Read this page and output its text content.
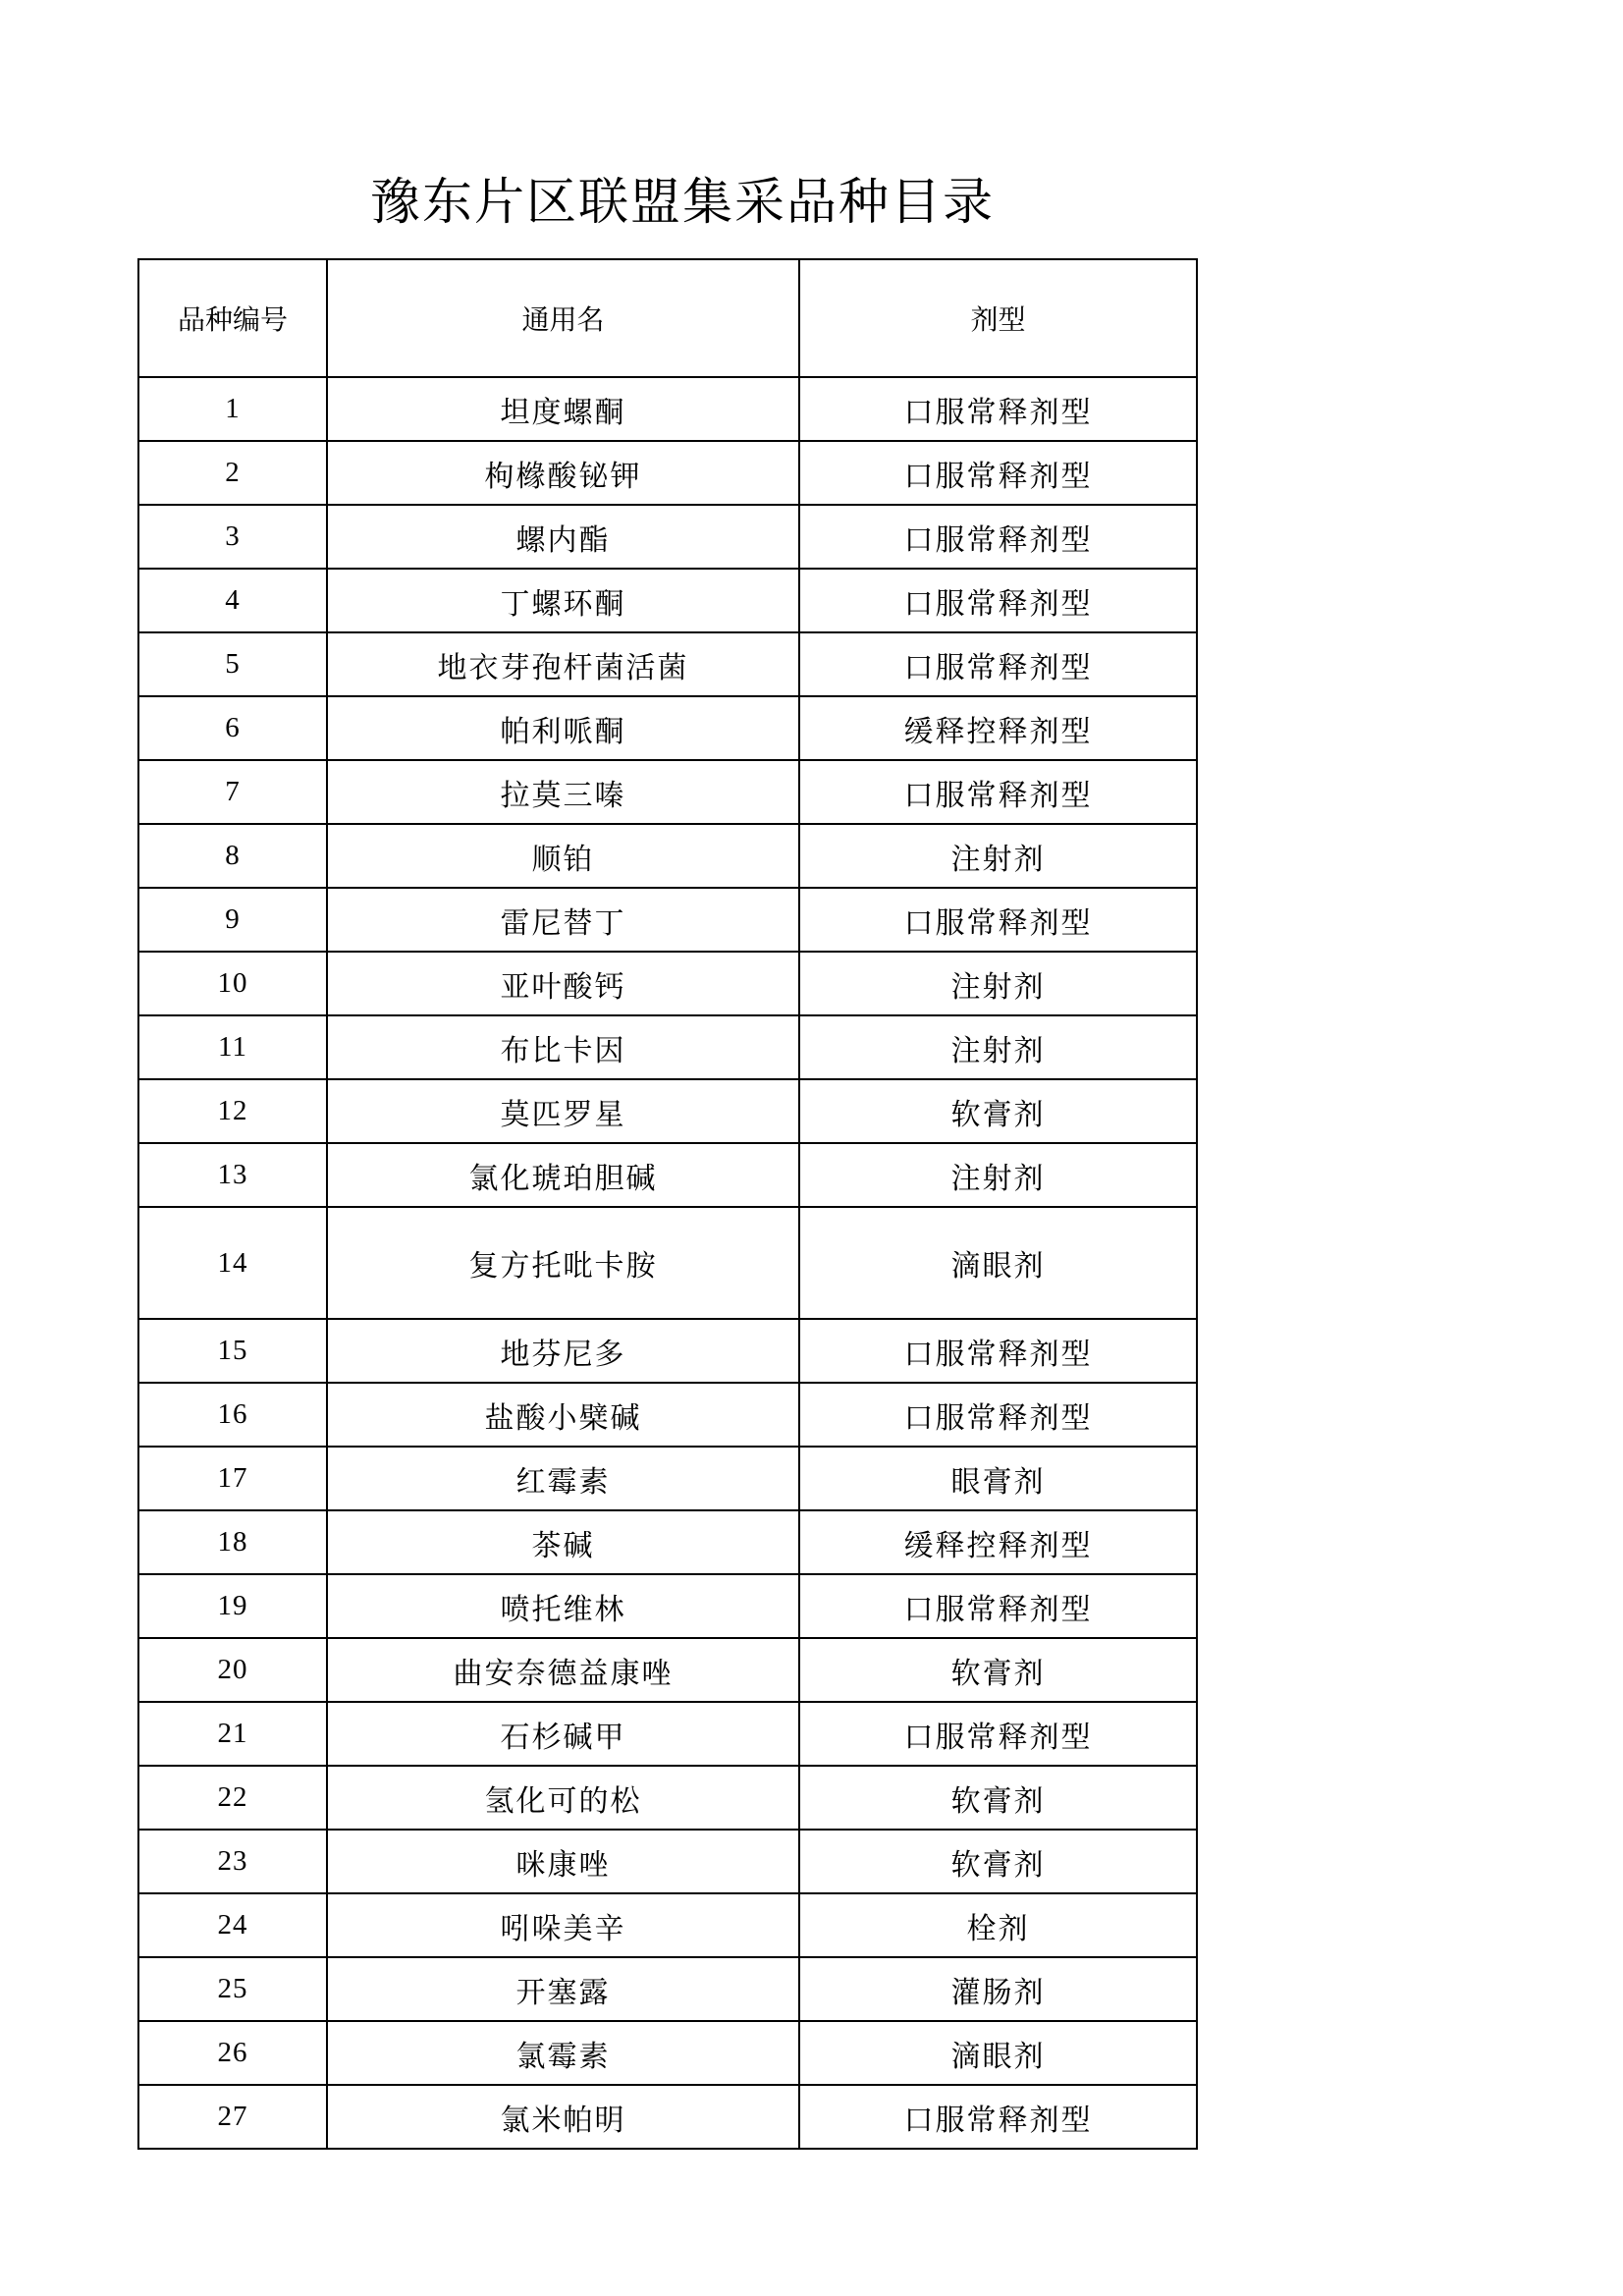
豫东片区联盟集采品种目录
品种编号	通用名	剂型
1	坦度螺酮	口服常释剂型
2	枸橼酸铋钾	口服常释剂型
3	螺内酯	口服常释剂型
4	丁螺环酮	口服常释剂型
5	地衣芽孢杆菌活菌	口服常释剂型
6	帕利哌酮	缓释控释剂型
7	拉莫三嗪	口服常释剂型
8	顺铂	注射剂
9	雷尼替丁	口服常释剂型
10	亚叶酸钙	注射剂
11	布比卡因	注射剂
12	莫匹罗星	软膏剂
13	氯化琥珀胆碱	注射剂
14	复方托吡卡胺	滴眼剂
15	地芬尼多	口服常释剂型
16	盐酸小檗碱	口服常释剂型
17	红霉素	眼膏剂
18	茶碱	缓释控释剂型
19	喷托维林	口服常释剂型
20	曲安奈德益康唑	软膏剂
21	石杉碱甲	口服常释剂型
22	氢化可的松	软膏剂
23	咪康唑	软膏剂
24	吲哚美辛	栓剂
25	开塞露	灌肠剂
26	氯霉素	滴眼剂
27	氯米帕明	口服常释剂型
